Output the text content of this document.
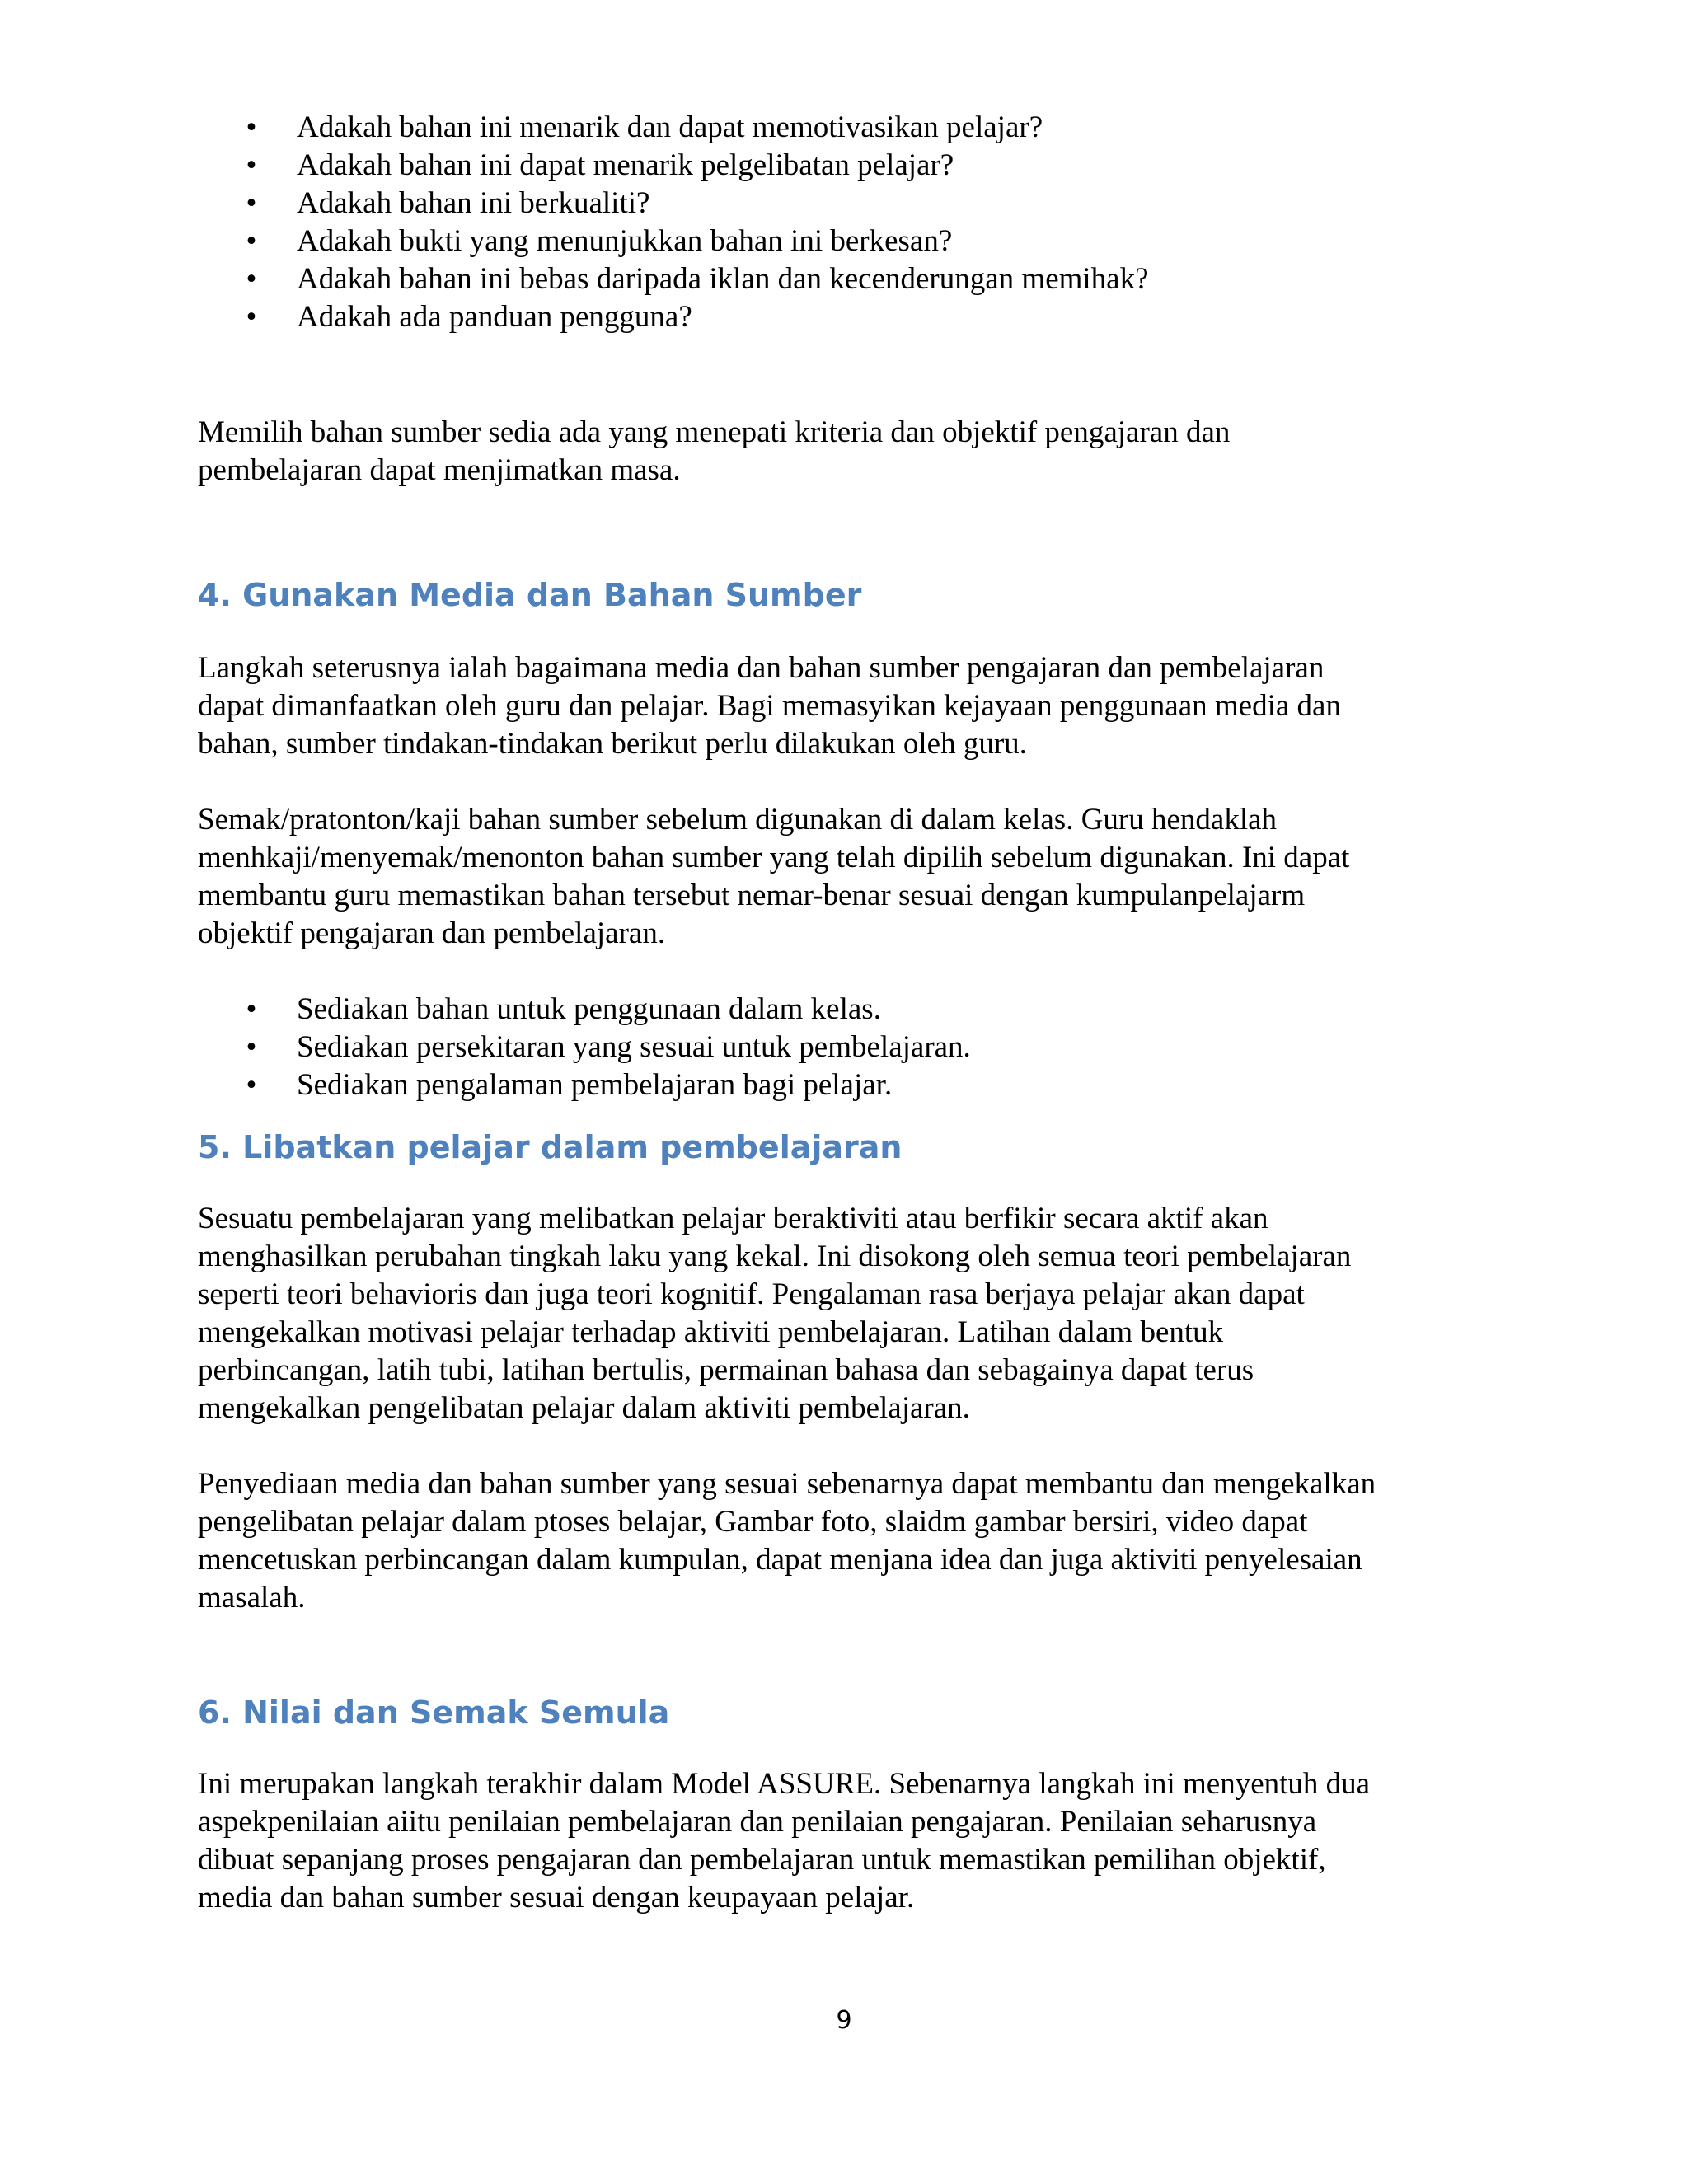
• Adakah bahan ini menarik dan dapat memotivasikan pelajar?
• Adakah bahan ini dapat menarik pelgelibatan pelajar?
• Adakah bahan ini berkualiti?
• Adakah bukti yang menunjukkan bahan ini berkesan?
• Adakah bahan ini bebas daripada iklan dan kecenderungan memihak?
• Adakah ada panduan pengguna?

Memilih bahan sumber sedia ada yang menepati kriteria dan objektif pengajaran dan
pembelajaran dapat menjimatkan masa.

4. Gunakan Media dan Bahan Sumber

Langkah seterusnya ialah bagaimana media dan bahan sumber pengajaran dan pembelajaran
dapat dimanfaatkan oleh guru dan pelajar. Bagi memasyikan kejayaan penggunaan media dan
bahan, sumber tindakan-tindakan berikut perlu dilakukan oleh guru.

Semak/pratonton/kaji bahan sumber sebelum digunakan di dalam kelas. Guru hendaklah
menhkaji/menyemak/menonton bahan sumber yang telah dipilih sebelum digunakan. Ini dapat
membantu guru memastikan bahan tersebut nemar-benar sesuai dengan kumpulanpelajarm
objektif pengajaran dan pembelajaran.

• Sediakan bahan untuk penggunaan dalam kelas.
• Sediakan persekitaran yang sesuai untuk pembelajaran.
• Sediakan pengalaman pembelajaran bagi pelajar.
5. Libatkan pelajar dalam pembelajaran

Sesuatu pembelajaran yang melibatkan pelajar beraktiviti atau berfikir secara aktif akan
menghasilkan perubahan tingkah laku yang kekal. Ini disokong oleh semua teori pembelajaran
seperti teori behavioris dan juga teori kognitif. Pengalaman rasa berjaya pelajar akan dapat
mengekalkan motivasi pelajar terhadap aktiviti pembelajaran. Latihan dalam bentuk
perbincangan, latih tubi, latihan bertulis, permainan bahasa dan sebagainya dapat terus
mengekalkan pengelibatan pelajar dalam aktiviti pembelajaran.

Penyediaan media dan bahan sumber yang sesuai sebenarnya dapat membantu dan mengekalkan
pengelibatan pelajar dalam ptoses belajar, Gambar foto, slaidm gambar bersiri, video dapat
mencetuskan perbincangan dalam kumpulan, dapat menjana idea dan juga aktiviti penyelesaian
masalah.

6. Nilai dan Semak Semula

Ini merupakan langkah terakhir dalam Model ASSURE. Sebenarnya langkah ini menyentuh dua
aspekpenilaian aiitu penilaian pembelajaran dan penilaian pengajaran. Penilaian seharusnya
dibuat sepanjang proses pengajaran dan pembelajaran untuk memastikan pemilihan objektif,
media dan bahan sumber sesuai dengan keupayaan pelajar.

9
